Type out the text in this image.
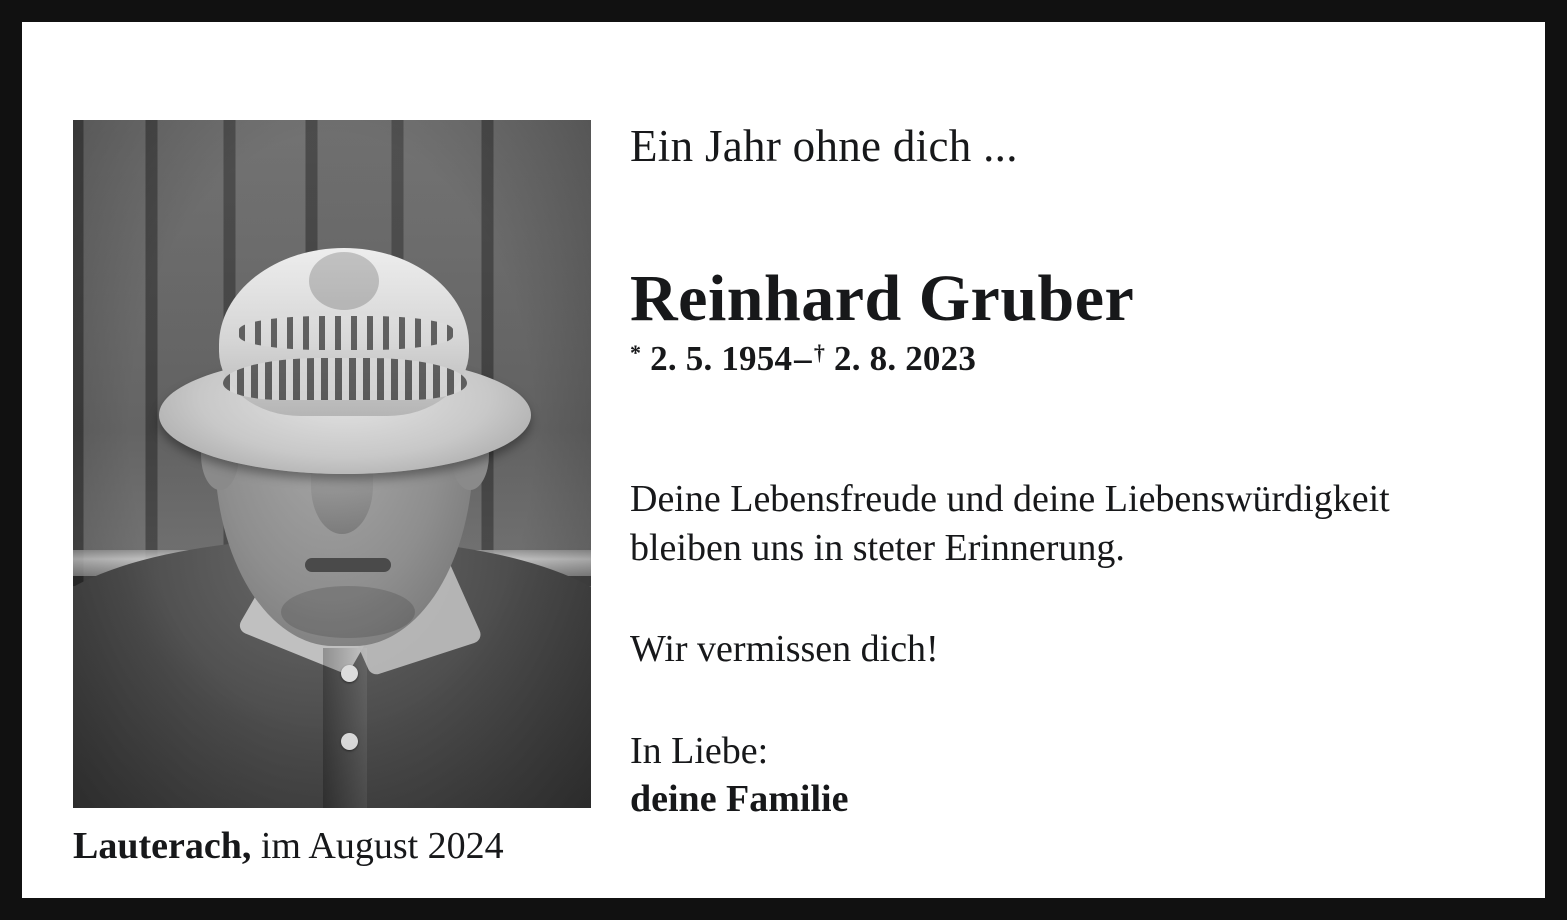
Ein Jahr ohne dich ...

Reinhard Gruber

* 2. 5. 1954–† 2. 8. 2023

Deine Lebensfreude und deine Liebenswürdigkeit
bleiben uns in steter Erinnerung.

Wir vermissen dich!

In Liebe:

deine Familie

Lauterach, im August 2024
